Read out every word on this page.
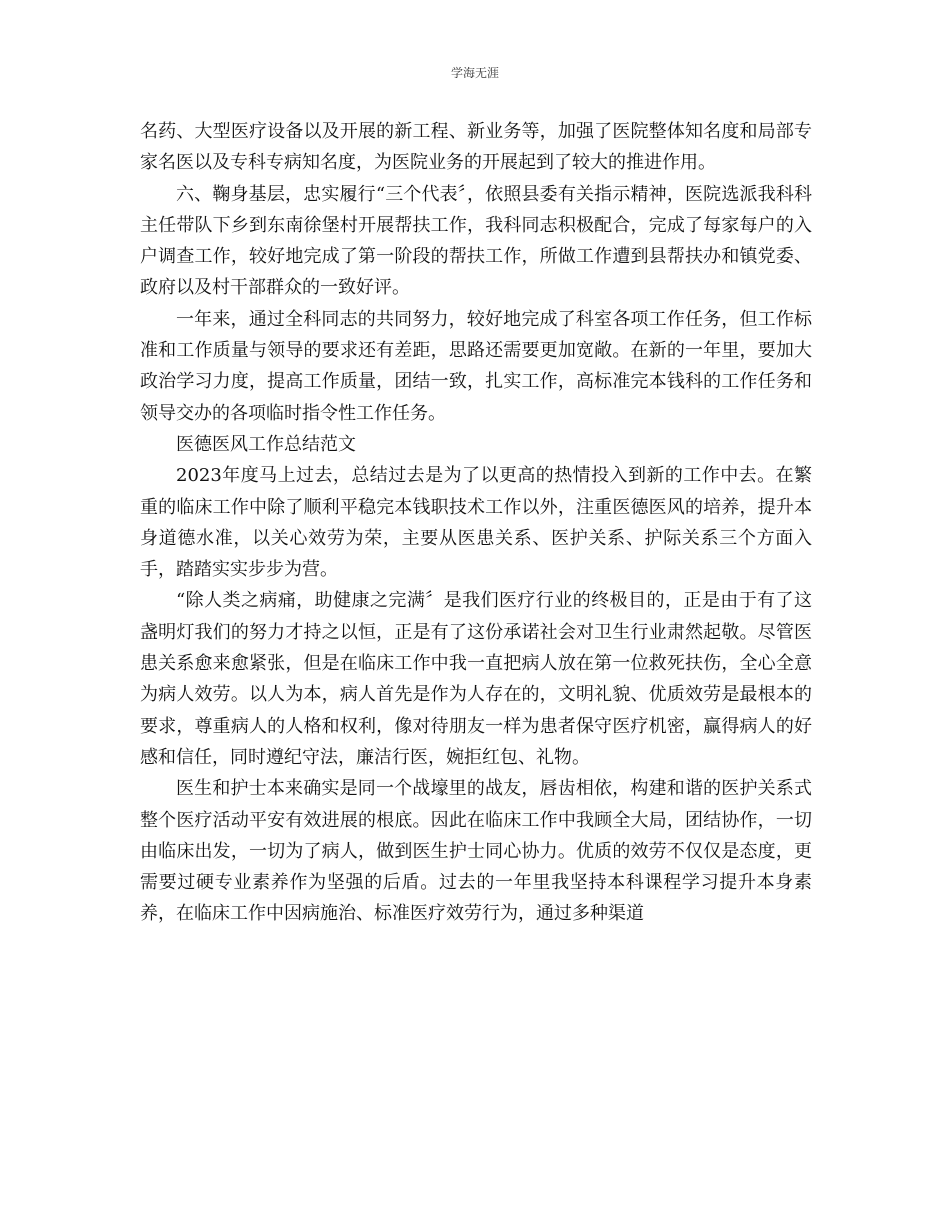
学海无涯

名药、大型医疗设备以及开展的新工程、新业务等，加强了医院整体知名度和局部专家名医以及专科专病知名度，为医院业务的开展起到了较大的推进作用。

六、鞠身基层，忠实履行“三个代表〞，依照县委有关指示精神，医院选派我科科主任带队下乡到东南徐堡村开展帮扶工作，我科同志积极配合，完成了每家每户的入户调查工作，较好地完成了第一阶段的帮扶工作，所做工作遭到县帮扶办和镇党委、政府以及村干部群众的一致好评。

一年来，通过全科同志的共同努力，较好地完成了科室各项工作任务，但工作标准和工作质量与领导的要求还有差距，思路还需要更加宽敞。在新的一年里，要加大政治学习力度，提高工作质量，团结一致，扎实工作，高标准完本钱科的工作任务和领导交办的各项临时指令性工作任务。

医德医风工作总结范文

2023年度马上过去，总结过去是为了以更高的热情投入到新的工作中去。在繁重的临床工作中除了顺利平稳完本钱职技术工作以外，注重医德医风的培养，提升本身道德水准，以关心效劳为荣，主要从医患关系、医护关系、护际关系三个方面入手，踏踏实实步步为营。

“除人类之病痛，助健康之完满〞是我们医疗行业的终极目的，正是由于有了这盏明灯我们的努力才持之以恒，正是有了这份承诺社会对卫生行业肃然起敬。尽管医患关系愈来愈紧张，但是在临床工作中我一直把病人放在第一位救死扶伤，全心全意为病人效劳。以人为本，病人首先是作为人存在的，文明礼貌、优质效劳是最根本的要求，尊重病人的人格和权利，像对待朋友一样为患者保守医疗机密，赢得病人的好感和信任，同时遵纪守法，廉洁行医，婉拒红包、礼物。

医生和护士本来确实是同一个战壕里的战友，唇齿相依，构建和谐的医护关系式整个医疗活动平安有效进展的根底。因此在临床工作中我顾全大局，团结协作，一切由临床出发，一切为了病人，做到医生护士同心协力。优质的效劳不仅仅是态度，更需要过硬专业素养作为坚强的后盾。过去的一年里我坚持本科课程学习提升本身素养，在临床工作中因病施治、标准医疗效劳行为，通过多种渠道
